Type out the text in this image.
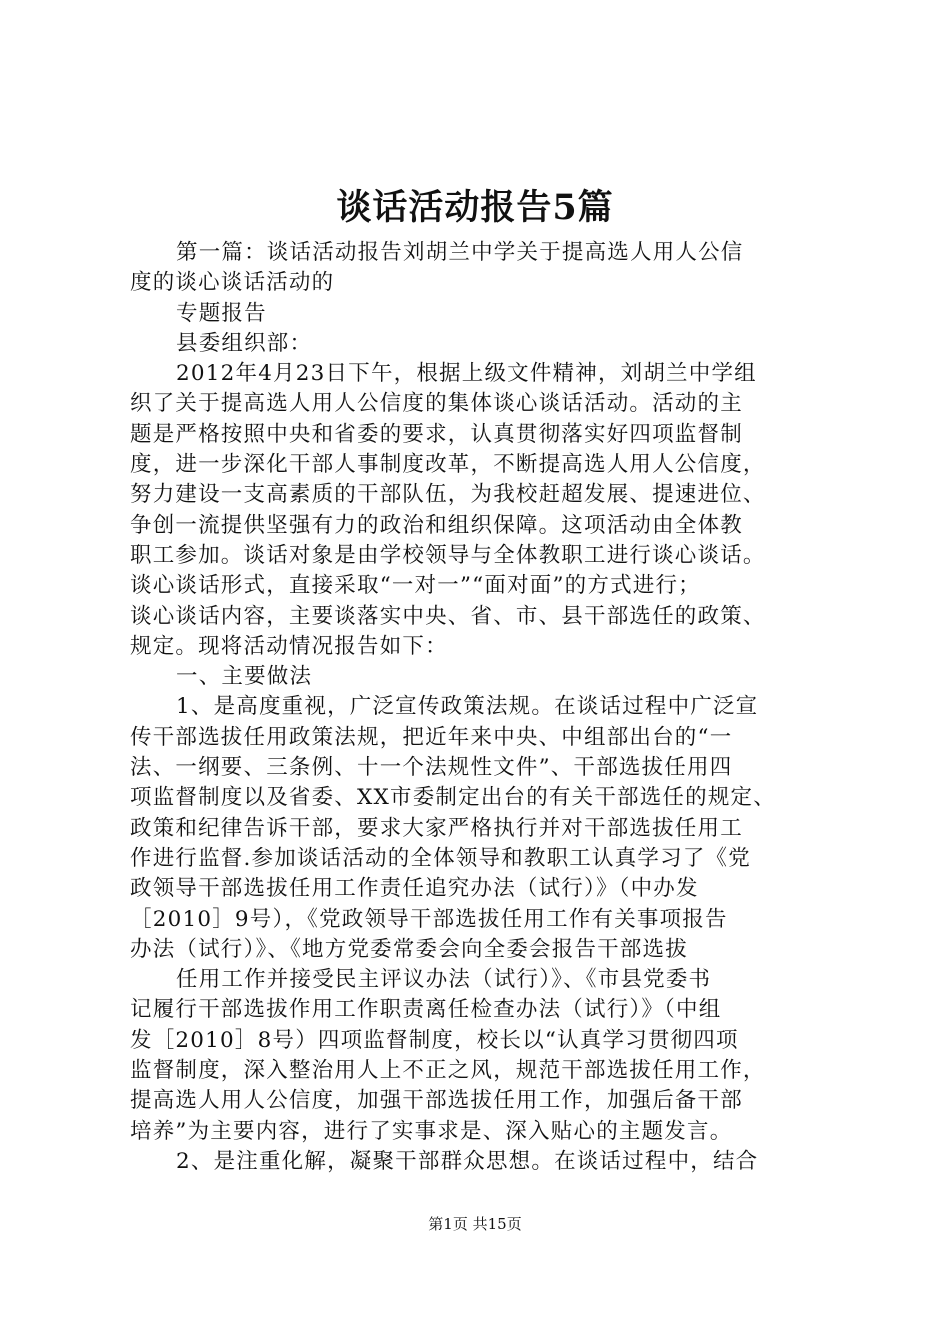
谈话活动报告5篇
第一篇：谈话活动报告刘胡兰中学关于提高选人用人公信
度的谈心谈话活动的
专题报告
县委组织部：
2012年4月23日下午，根据上级文件精神，刘胡兰中学组
织了关于提高选人用人公信度的集体谈心谈话活动。活动的主
题是严格按照中央和省委的要求，认真贯彻落实好四项监督制
度，进一步深化干部人事制度改革，不断提高选人用人公信度，
努力建设一支高素质的干部队伍，为我校赶超发展、提速进位、
争创一流提供坚强有力的政治和组织保障。这项活动由全体教
职工参加。谈话对象是由学校领导与全体教职工进行谈心谈话。
谈心谈话形式，直接采取“一对一”“面对面”的方式进行；
谈心谈话内容，主要谈落实中央、省、市、县干部选任的政策、
规定。现将活动情况报告如下：
一、主要做法
1、是高度重视，广泛宣传政策法规。在谈话过程中广泛宣
传干部选拔任用政策法规，把近年来中央、中组部出台的“一
法、一纲要、三条例、十一个法规性文件”、干部选拔任用四
项监督制度以及省委、XX市委制定出台的有关干部选任的规定、
政策和纪律告诉干部，要求大家严格执行并对干部选拔任用工
作进行监督.参加谈话活动的全体领导和教职工认真学习了《党
政领导干部选拔任用工作责任追究办法（试行）》（中办发
［2010］9号），《党政领导干部选拔任用工作有关事项报告
办法（试行）》、《地方党委常委会向全委会报告干部选拔
任用工作并接受民主评议办法（试行）》、《市县党委书
记履行干部选拔作用工作职责离任检查办法（试行）》（中组
发［2010］8号）四项监督制度，校长以“认真学习贯彻四项
监督制度，深入整治用人上不正之风，规范干部选拔任用工作，
提高选人用人公信度，加强干部选拔任用工作，加强后备干部
培养”为主要内容，进行了实事求是、深入贴心的主题发言。
2、是注重化解，凝聚干部群众思想。在谈话过程中，结合
第1页 共15页
